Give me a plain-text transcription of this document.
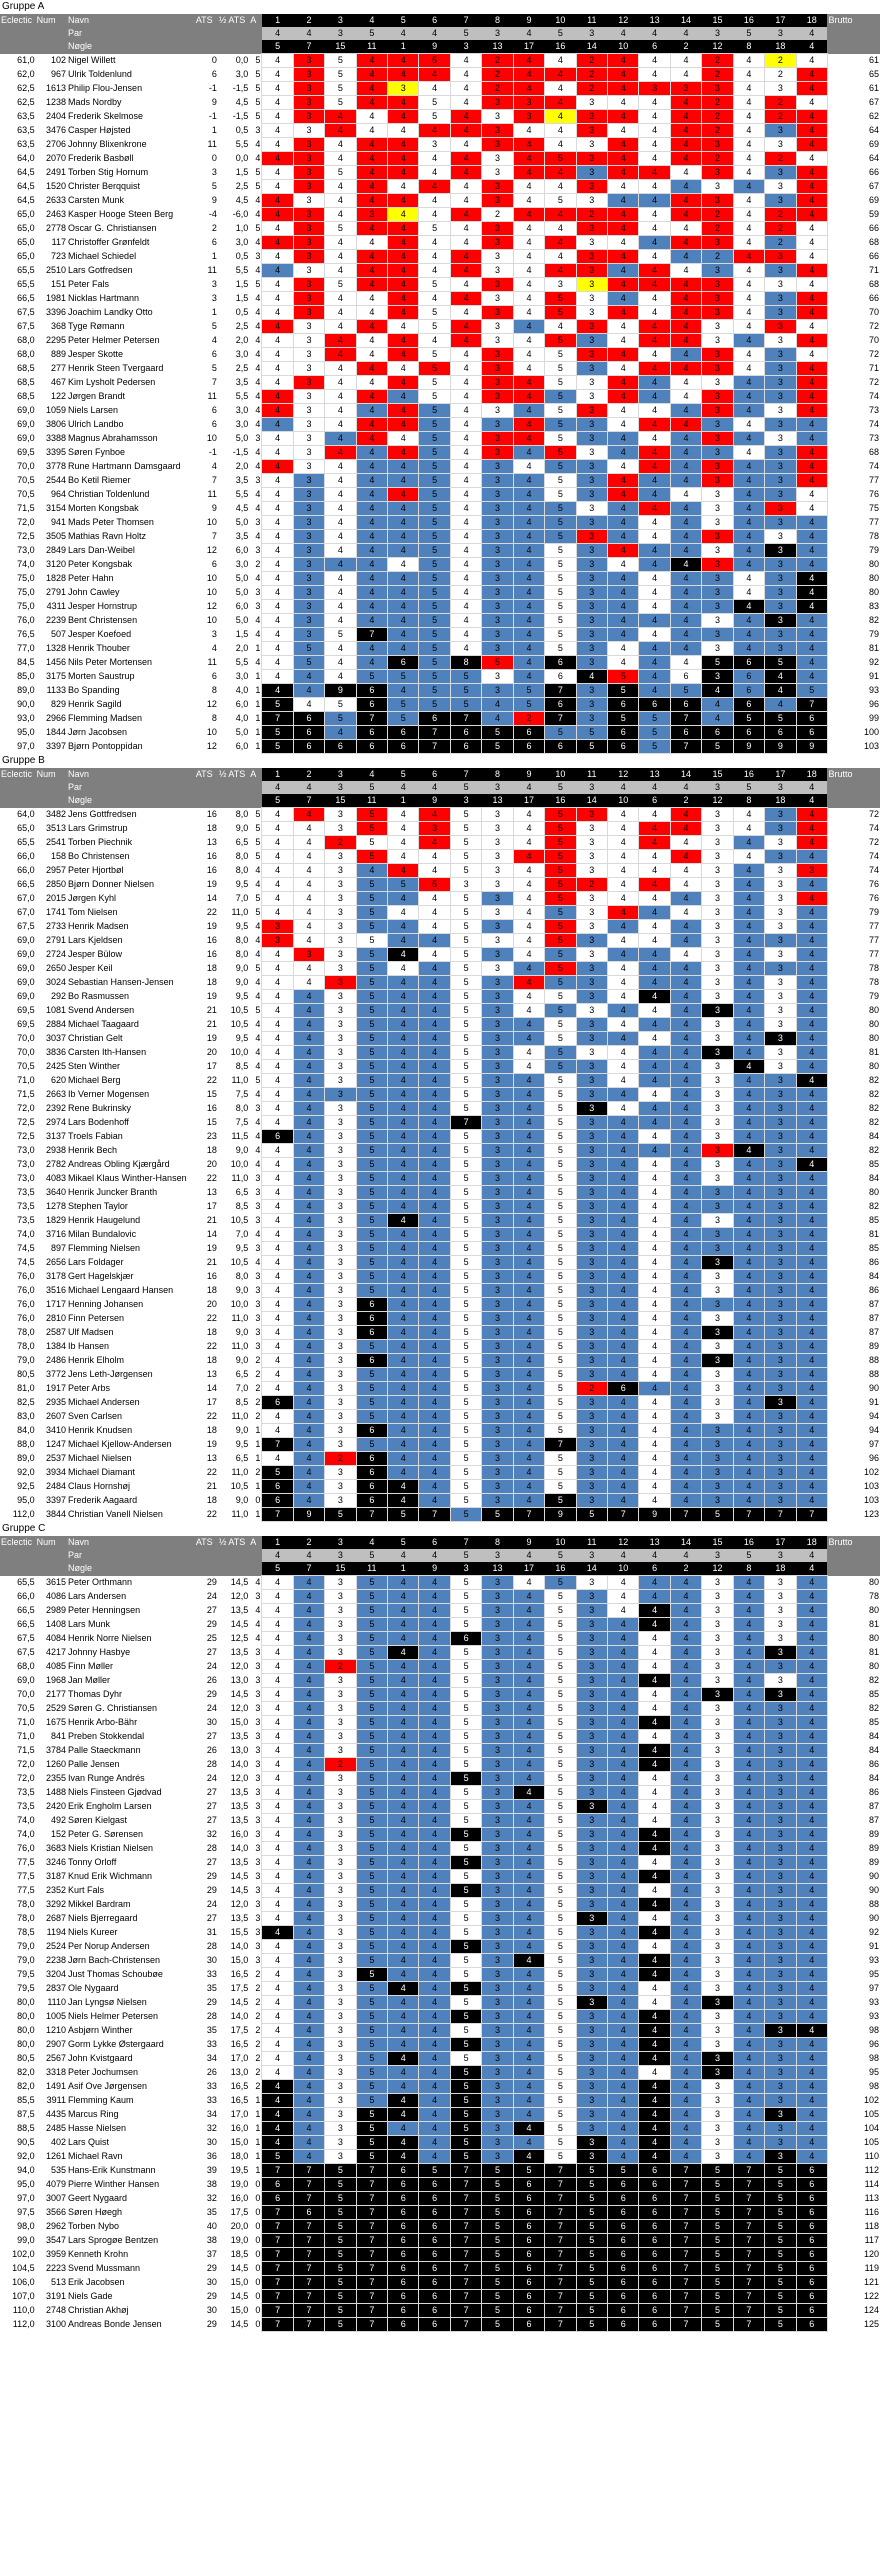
Gruppe A
Eclectic	Num	Navn	ATS	½ ATS	A	1	2	3	4	5	6	7	8	9	10	11	12	13	14	15	16	17	18	Brutto
		Par				4	4	3	5	4	4	5	3	4	5	3	4	4	4	3	5	3	4	
		Nøgle				5	7	15	11	1	9	3	13	17	16	14	10	6	2	12	8	18	4	
61,0	102	Nigel Willett	0	0,0	5	4	3	5	4	4	5	4	2	4	4	2	4	4	4	2	4	2	4	61
62,0	967	Ulrik Toldenlund	6	3,0	5	4	3	5	4	4	4	4	2	4	4	2	4	4	4	2	4	2	4	65
62,5	1613	Philip Flou-Jensen	-1	-1,5	5	4	3	5	4	3	4	4	2	4	4	2	4	3	3	3	4	3	4	61
62,5	1238	Mads Nordby	9	4,5	5	4	3	5	4	4	5	4	3	3	4	3	4	4	4	2	4	2	4	67
63,5	2404	Frederik Skelmose	-1	-1,5	5	4	3	4	4	4	5	4	3	3	4	3	4	4	4	2	4	2	4	62
63,5	3476	Casper Højsted	1	0,5	3	4	3	4	4	4	4	4	3	4	4	3	4	4	4	2	4	3	4	64
63,5	2706	Johnny Blixenkrone	11	5,5	4	4	3	4	4	4	3	4	3	4	4	3	4	4	4	3	4	3	4	69
64,0	2070	Frederik Basbøll	0	0,0	4	4	3	4	4	4	4	4	3	4	5	3	4	4	4	2	4	2	4	64
64,5	2491	Torben Stig Hornum	3	1,5	5	4	3	5	4	4	4	4	3	4	4	3	4	4	4	3	4	3	4	66
64,5	1520	Christer Berqquist	5	2,5	5	4	3	4	4	4	4	4	3	4	4	3	4	4	4	3	4	3	4	67
64,5	2633	Carsten Munk	9	4,5	4	4	3	4	4	4	4	4	3	4	5	3	4	4	4	3	4	3	4	69
65,0	2463	Kasper Hooge Steen Berg	-4	-6,0	4	4	3	4	3	4	4	4	2	4	4	2	4	4	4	2	4	2	4	59
65,0	2778	Oscar G. Christiansen	2	1,0	5	4	3	5	4	4	5	4	3	4	4	3	4	4	4	2	4	2	4	66
65,0	117	Christoffer Grønfeldt	6	3,0	4	4	3	4	4	4	4	4	3	4	4	3	4	4	4	3	4	2	4	68
65,0	723	Michael Schiedel	1	0,5	3	4	3	4	4	4	4	4	3	4	4	3	4	4	4	2	4	3	4	66
65,5	2510	Lars Gotfredsen	11	5,5	4	4	3	4	4	4	4	4	3	4	4	3	4	4	4	3	4	3	4	71
65,5	151	Peter Fals	3	1,5	5	4	3	5	4	4	5	4	3	4	3	3	4	4	4	3	4	3	4	68
66,5	1981	Nicklas Hartmann	3	1,5	4	4	3	4	4	4	4	4	3	4	5	3	4	4	4	3	4	3	4	66
67,5	3396	Joachim Landky Otto	1	0,5	4	4	3	4	4	4	5	4	3	4	5	3	4	4	4	3	4	3	4	70
67,5	368	Tyge Rømann	5	2,5	4	4	3	4	4	4	5	4	3	4	4	3	4	4	4	3	4	3	4	72
68,0	2295	Peter Helmer Petersen	4	2,0	4	4	3	4	4	4	4	4	3	4	5	3	4	4	4	3	4	3	4	70
68,0	889	Jesper Skotte	6	3,0	4	4	3	4	4	4	5	4	3	4	5	3	4	4	4	3	4	3	4	72
68,5	277	Henrik Steen Tvergaard	5	2,5	4	4	3	4	4	4	5	4	3	4	5	3	4	4	4	3	4	3	4	71
68,5	467	Kim Lysholt Pedersen	7	3,5	4	4	3	4	4	4	5	4	3	4	5	3	4	4	4	3	4	3	4	72
68,5	122	Jørgen Brandt	11	5,5	4	4	3	4	4	4	5	4	3	4	5	3	4	4	4	3	4	3	4	74
69,0	1059	Niels Larsen	6	3,0	4	4	3	4	4	4	5	4	3	4	5	3	4	4	4	3	4	3	4	73
69,0	3806	Ulrich Landbo	6	3,0	4	4	3	4	4	4	5	4	3	4	5	3	4	4	4	3	4	3	4	74
69,0	3388	Magnus Abrahamsson	10	5,0	3	4	3	4	4	4	5	4	3	4	5	3	4	4	4	3	4	3	4	73
69,5	3395	Søren Fynboe	-1	-1,5	4	4	3	4	4	4	5	4	3	4	5	3	4	4	4	3	4	3	4	68
70,0	3778	Rune Hartmann Damsgaard	4	2,0	4	4	3	4	4	4	5	4	3	4	5	3	4	4	4	3	4	3	4	74
70,5	2544	Bo Ketil Riemer	7	3,5	3	4	3	4	4	4	5	4	3	4	5	3	4	4	4	3	4	3	4	77
70,5	964	Christian Toldenlund	11	5,5	4	4	3	4	4	4	5	4	3	4	5	3	4	4	4	3	4	3	4	76
71,5	3154	Morten Kongsbak	9	4,5	4	4	3	4	4	4	5	4	3	4	5	3	4	4	4	3	4	3	4	75
72,0	941	Mads Peter Thomsen	10	5,0	3	4	3	4	4	4	5	4	3	4	5	3	4	4	4	3	4	3	4	77
72,5	3505	Mathias Ravn Holtz	7	3,5	4	4	3	4	4	4	5	4	3	4	5	3	4	4	4	3	4	3	4	78
73,0	2849	Lars Dan-Weibel	12	6,0	3	4	3	4	4	4	5	4	3	4	5	3	4	4	4	3	4	3	4	79
74,0	3120	Peter Kongsbak	6	3,0	2	4	3	4	4	4	5	4	3	4	5	3	4	4	4	3	4	3	4	80
75,0	1828	Peter Hahn	10	5,0	4	4	3	4	4	4	5	4	3	4	5	3	4	4	4	3	4	3	4	80
75,0	2791	John Cawley	10	5,0	3	4	3	4	4	4	5	4	3	4	5	3	4	4	4	3	4	3	4	80
75,0	4311	Jesper Hornstrup	12	6,0	3	4	3	4	4	4	5	4	3	4	5	3	4	4	4	3	4	3	4	83
76,0	2239	Bent Christensen	10	5,0	4	4	3	4	4	4	5	4	3	4	5	3	4	4	4	3	4	3	4	82
76,5	507	Jesper Koefoed	3	1,5	4	4	3	5	7	4	5	4	3	4	5	3	4	4	4	3	4	3	4	79
77,0	1328	Henrik Thouber	4	2,0	1	4	5	4	4	4	5	4	3	4	5	3	4	4	4	3	4	3	4	81
84,5	1456	Nils Peter Mortensen	11	5,5	4	4	5	4	4	6	5	8	5	4	6	3	4	4	4	5	6	5	4	92
85,0	3175	Morten Saustrup	6	3,0	1	4	4	4	5	5	5	5	3	4	6	4	5	4	6	3	6	4	4	91
89,0	1133	Bo Spanding	8	4,0	1	4	4	9	6	4	5	5	3	5	7	3	5	4	5	4	6	4	5	93
90,0	829	Henrik Sagild	12	6,0	1	5	4	5	6	5	5	5	4	5	6	3	6	6	6	4	6	4	7	96
93,0	2966	Flemming Madsen	8	4,0	1	7	6	5	7	5	6	7	4	2	7	3	5	5	7	4	5	5	6	99
95,0	1844	Jørn Jacobsen	10	5,0	1	5	6	4	6	6	7	6	5	6	5	5	6	5	6	6	6	6	6	100
97,0	3397	Bjørn Pontoppidan	12	6,0	1	5	6	6	6	6	7	6	5	6	6	5	6	5	7	5	9	9	9	103
Gruppe B
Eclectic	Num	Navn	ATS	½ ATS	A	1	2	3	4	5	6	7	8	9	10	11	12	13	14	15	16	17	18	Brutto
		Par				4	4	3	5	4	4	5	3	4	5	3	4	4	4	3	5	3	4	
		Nøgle				5	7	15	11	1	9	3	13	17	16	14	10	6	2	12	8	18	4	
64,0	3482	Jens Gottfredsen	16	8,0	5	4	4	3	5	4	4	5	3	4	5	3	4	4	4	3	4	3	4	72
65,0	3513	Lars Grimstrup	18	9,0	5	4	4	3	5	4	3	5	3	4	5	3	4	4	4	3	4	3	4	74
65,5	2541	Torben Piechnik	13	6,5	5	4	4	2	5	4	4	5	3	4	5	3	4	4	4	3	4	3	4	72
66,0	158	Bo Christensen	16	8,0	5	4	4	3	5	4	4	5	3	4	5	3	4	4	4	3	4	3	4	74
66,0	2957	Peter Hjortbøl	16	8,0	4	4	4	3	4	4	4	5	3	4	5	3	4	4	4	3	4	3	3	74
66,5	2850	Bjørn Donner Nielsen	19	9,5	4	4	4	3	5	5	5	3	3	4	5	2	4	4	4	3	4	3	4	76
67,0	2015	Jørgen Kyhl	14	7,0	5	4	4	3	5	4	4	5	3	4	5	3	4	4	4	3	4	3	4	76
67,0	1741	Tom Nielsen	22	11,0	5	4	4	3	5	4	4	5	3	4	5	3	4	4	4	3	4	3	4	79
67,5	2733	Henrik Madsen	19	9,5	4	3	4	3	5	4	4	5	3	4	5	3	4	4	4	3	4	3	4	77
69,0	2791	Lars Kjeldsen	16	8,0	4	3	4	3	5	4	4	5	3	4	5	3	4	4	4	3	4	3	4	77
69,0	2724	Jesper Bülow	16	8,0	4	4	3	3	5	4	4	5	3	4	5	3	4	4	4	3	4	3	4	77
69,0	2650	Jesper Keil	18	9,0	5	4	4	3	5	4	4	5	3	4	5	3	4	4	4	3	4	3	4	78
69,0	3024	Sebastian Hansen-Jensen	18	9,0	4	4	4	3	5	4	4	5	3	4	5	3	4	4	4	3	4	3	4	78
69,0	292	Bo Rasmussen	19	9,5	4	4	4	3	5	4	4	5	3	4	5	3	4	4	4	3	4	3	4	79
69,5	1081	Svend Andersen	21	10,5	5	4	4	3	5	4	4	5	3	4	5	3	4	4	4	3	4	3	4	80
69,5	2884	Michael Taagaard	21	10,5	4	4	4	3	5	4	4	5	3	4	5	3	4	4	4	3	4	3	4	80
70,0	3037	Christian Gelt	19	9,5	4	4	4	3	5	4	4	5	3	4	5	3	4	4	4	3	4	3	4	80
70,0	3836	Carsten Ith-Hansen	20	10,0	4	4	4	3	5	4	4	5	3	4	5	3	4	4	4	3	4	3	4	81
70,5	2425	Sten Winther	17	8,5	4	4	4	3	5	4	4	5	3	4	5	3	4	4	4	3	4	3	4	80
71,0	620	Michael Berg	22	11,0	5	4	4	3	5	4	4	5	3	4	5	3	4	4	4	3	4	3	4	82
71,5	2663	Ib Verner Mogensen	15	7,5	4	4	4	3	5	4	4	5	3	4	5	3	4	4	4	3	4	3	4	82
72,0	2392	Rene Bukrinsky	16	8,0	3	4	4	3	5	4	4	5	3	4	5	3	4	4	4	3	4	3	4	82
72,5	2974	Lars Bodenhoff	15	7,5	4	4	4	3	5	4	4	7	3	4	5	3	4	4	4	3	4	3	4	82
72,5	3137	Troels Fabian	23	11,5	4	6	4	3	5	4	4	5	3	4	5	3	4	4	4	3	4	3	4	84
73,0	2938	Henrik Bech	18	9,0	4	4	4	3	5	4	4	5	3	4	5	3	4	4	4	3	4	3	4	82
73,0	2782	Andreas Obling Kjærgård	20	10,0	4	4	4	3	5	4	4	5	3	4	5	3	4	4	4	3	4	3	4	85
73,0	4083	Mikael Klaus Winther-Hansen	22	11,0	3	4	4	3	5	4	4	5	3	4	5	3	4	4	4	3	4	3	4	84
73,5	3640	Henrik Juncker Branth	13	6,5	3	4	4	3	5	4	4	5	3	4	5	3	4	4	4	3	4	3	4	80
73,5	1278	Stephen Taylor	17	8,5	3	4	4	3	5	4	4	5	3	4	5	3	4	4	4	3	4	3	4	82
73,5	1829	Henrik Haugelund	21	10,5	3	4	4	3	5	4	4	5	3	4	5	3	4	4	4	3	4	3	4	85
74,0	3716	Milan Bundalovic	14	7,0	4	4	4	3	5	4	4	5	3	4	5	3	4	4	4	3	4	3	4	81
74,5	897	Flemming Nielsen	19	9,5	3	4	4	3	5	4	4	5	3	4	5	3	4	4	4	3	4	3	4	85
74,5	2656	Lars Foldager	21	10,5	4	4	4	3	5	4	4	5	3	4	5	3	4	4	4	3	4	3	4	86
76,0	3178	Gert Hagelskjær	16	8,0	3	4	4	3	5	4	4	5	3	4	5	3	4	4	4	3	4	3	4	84
76,0	3516	Michael Lengaard Hansen	18	9,0	3	4	4	3	5	4	4	5	3	4	5	3	4	4	4	3	4	3	4	86
76,0	1717	Henning Johansen	20	10,0	3	4	4	3	6	4	4	5	3	4	5	3	4	4	4	3	4	3	4	87
76,0	2810	Finn Petersen	22	11,0	3	4	4	3	6	4	4	5	3	4	5	3	4	4	4	3	4	3	4	87
78,0	2587	Ulf Madsen	18	9,0	3	4	4	3	6	4	4	5	3	4	5	3	4	4	4	3	4	3	4	87
78,0	1384	Ib Hansen	22	11,0	3	4	4	3	5	4	4	5	3	4	5	3	4	4	4	3	4	3	4	89
79,0	2486	Henrik Elholm	18	9,0	2	4	4	3	6	4	4	5	3	4	5	3	4	4	4	3	4	3	4	88
80,5	3772	Jens Leth-Jørgensen	13	6,5	2	4	4	3	5	4	4	5	3	4	5	3	4	4	4	3	4	3	4	88
81,0	1917	Peter Arbs	14	7,0	2	4	4	3	5	4	4	5	3	4	5	2	6	4	4	3	4	3	4	90
82,5	2935	Michael Andersen	17	8,5	2	6	4	3	5	4	4	5	3	4	5	3	4	4	4	3	4	3	4	91
83,0	2607	Sven Carlsen	22	11,0	2	4	4	3	5	4	4	5	3	4	5	3	4	4	4	3	4	3	4	94
84,0	3410	Henrik Knudsen	18	9,0	1	4	4	3	6	4	4	5	3	4	5	3	4	4	4	3	4	3	4	94
88,0	1247	Michael Kjellow-Andersen	19	9,5	1	7	4	3	5	4	4	5	3	4	7	3	4	4	4	3	4	3	4	97
89,0	2537	Michael Nielsen	13	6,5	1	4	4	2	6	4	4	5	3	4	5	3	4	4	4	3	4	3	4	96
92,0	3934	Michael Diamant	22	11,0	2	5	4	3	6	4	4	5	3	4	5	3	4	4	4	3	4	3	4	102
92,5	2484	Claus Hornshøj	21	10,5	1	6	4	3	6	4	4	5	3	4	5	3	4	4	4	3	4	3	4	103
95,0	3397	Frederik Aagaard	18	9,0	0	6	4	3	6	4	4	5	3	4	5	3	4	4	4	3	4	3	4	103
112,0	3844	Christian Vanell Nielsen	22	11,0	1	7	9	5	7	5	7	5	5	7	9	5	7	9	7	5	7	7	7	123
Gruppe C
Eclectic	Num	Navn	ATS	½ ATS	A	1	2	3	4	5	6	7	8	9	10	11	12	13	14	15	16	17	18	Brutto
		Par				4	4	3	5	4	4	5	3	4	5	3	4	4	4	3	5	3	4	
		Nøgle				5	7	15	11	1	9	3	13	17	16	14	10	6	2	12	8	18	4	
65,5	3615	Peter Orthmann	29	14,5	4	4	4	3	5	4	4	5	3	4	5	3	4	4	4	3	4	3	4	80
66,0	4086	Lars Andersen	24	12,0	3	4	4	3	5	4	4	5	3	4	5	3	4	4	4	3	4	3	4	78
66,5	2989	Peter Henningsen	27	13,5	4	4	4	3	5	4	4	5	3	4	5	3	4	4	4	3	4	3	4	80
66,5	1408	Lars Munk	29	14,5	4	4	4	3	5	4	4	5	3	4	5	3	4	4	4	3	4	3	4	81
67,5	4084	Henrik Norre Nielsen	25	12,5	4	4	4	3	5	4	4	6	3	4	5	3	4	4	4	3	4	3	4	80
67,5	4217	Johnny Hasbye	27	13,5	3	4	4	3	5	4	4	5	3	4	5	3	4	4	4	3	4	3	4	81
68,0	4085	Finn Møller	24	12,0	3	4	4	2	5	4	4	5	3	4	5	3	4	4	4	3	4	3	4	80
69,0	1968	Jan Møller	26	13,0	3	4	4	3	5	4	4	5	3	4	5	3	4	4	4	3	4	3	4	82
70,0	2177	Thomas Dyhr	29	14,5	3	4	4	3	5	4	4	5	3	4	5	3	4	4	4	3	4	3	4	85
70,5	2529	Søren G. Christiansen	24	12,0	3	4	4	3	5	4	4	5	3	4	5	3	4	4	4	3	4	3	4	82
71,0	1675	Henrik Arbo-Bähr	30	15,0	3	4	4	3	5	4	4	5	3	4	5	3	4	4	4	3	4	3	4	85
71,0	841	Preben Stokkendal	27	13,5	3	4	4	3	5	4	4	5	3	4	5	3	4	4	4	3	4	3	4	84
71,5	3784	Palle Staeckmann	26	13,0	3	4	4	3	5	4	4	5	3	4	5	3	4	4	4	3	4	3	4	84
72,0	1260	Palle Jensen	28	14,0	3	4	4	2	5	4	4	5	3	4	5	3	4	4	4	3	4	3	4	86
72,0	2355	Ivan Runge Andrés	24	12,0	3	4	4	3	5	4	4	5	3	4	5	3	4	4	4	3	4	3	4	84
73,5	1488	Niels Finsteen Gjødvad	27	13,5	3	4	4	3	5	4	4	5	3	4	5	3	4	4	4	3	4	3	4	86
73,5	2420	Erik Engholm Larsen	27	13,5	3	4	4	3	5	4	4	5	3	4	5	3	4	4	4	3	4	3	4	87
74,0	492	Søren Kielgast	27	13,5	3	4	4	3	5	4	4	5	3	4	5	3	4	4	4	3	4	3	4	87
74,0	152	Peter G. Sørensen	32	16,0	3	4	4	3	5	4	4	5	3	4	5	3	4	4	4	3	4	3	4	89
76,0	3683	Niels Kristian Nielsen	28	14,0	3	4	4	3	5	4	4	5	3	4	5	3	4	4	4	3	4	3	4	89
77,5	3246	Tonny Orloff	27	13,5	3	4	4	3	5	4	4	5	3	4	5	3	4	4	4	3	4	3	4	89
77,5	3187	Knud Erik Wichmann	29	14,5	3	4	4	3	5	4	4	5	3	4	5	3	4	4	4	3	4	3	4	90
77,5	2352	Kurt Fals	29	14,5	3	4	4	3	5	4	4	5	3	4	5	3	4	4	4	3	4	3	4	90
78,0	3292	Mikkel Bardram	24	12,0	3	4	4	3	5	4	4	5	3	4	5	3	4	4	4	3	4	3	4	88
78,0	2687	Niels Bjerregaard	27	13,5	3	4	4	3	5	4	4	5	3	4	5	3	4	4	4	3	4	3	4	90
78,5	1194	Niels Kureer	31	15,5	3	4	4	3	5	4	4	5	3	4	5	3	4	4	4	3	4	3	4	92
79,0	2524	Per Norup Andersen	28	14,0	3	4	4	3	5	4	4	5	3	4	5	3	4	4	4	3	4	3	4	91
79,0	2238	Jørn Bach-Christensen	30	15,0	3	4	4	3	5	4	4	5	3	4	5	3	4	4	4	3	4	3	4	93
79,5	3204	Just Thomas Schoubøe	33	16,5	2	4	4	3	5	4	4	5	3	4	5	3	4	4	4	3	4	3	4	95
79,5	2837	Ole Nygaard	35	17,5	2	4	4	3	5	4	4	5	3	4	5	3	4	4	4	3	4	3	4	97
80,0	1110	Jan Lyngsø Nielsen	29	14,5	2	4	4	3	5	4	4	5	3	4	5	3	4	4	4	3	4	3	4	93
80,0	1005	Niels Helmer Petersen	28	14,0	2	4	4	3	5	4	4	5	3	4	5	3	4	4	4	3	4	3	4	93
80,0	1210	Asbjørn Winther	35	17,5	2	4	4	3	5	4	4	5	3	4	5	3	4	4	4	3	4	3	4	98
80,0	2907	Gorm Lykke Østergaard	33	16,5	2	4	4	3	5	4	4	5	3	4	5	3	4	4	4	3	4	3	4	96
80,5	2567	John Kvistgaard	34	17,0	2	4	4	3	5	4	4	5	3	4	5	3	4	4	4	3	4	3	4	98
82,0	3318	Peter Jochumsen	26	13,0	2	4	4	3	5	4	4	5	3	4	5	3	4	4	4	3	4	3	4	95
82,0	1491	Asif Ove Jørgensen	33	16,5	2	4	4	3	5	4	4	5	3	4	5	3	4	4	4	3	4	3	4	98
85,5	3911	Flemming Kaum	33	16,5	1	4	4	3	5	4	4	5	3	4	5	3	4	4	4	3	4	3	4	102
87,5	4435	Marcus Ring	34	17,0	1	4	4	3	5	4	4	5	3	4	5	3	4	4	4	3	4	3	4	105
88,5	2485	Hasse Nielsen	32	16,0	1	4	4	3	5	4	4	5	3	4	5	3	4	4	4	3	4	3	4	104
90,5	402	Lars Quist	30	15,0	1	4	4	3	5	4	4	5	3	4	5	3	4	4	4	3	4	3	4	105
92,0	1261	Michael Ravn	36	18,0	1	5	4	3	5	4	4	5	3	4	5	3	4	4	4	3	4	3	4	110
94,0	535	Hans-Erik Kunstmann	39	19,5	1	7	7	5	7	6	5	7	5	5	7	5	5	6	7	5	7	5	6	112
95,0	4079	Pierre Winther Hansen	38	19,0	0	6	7	5	7	6	6	7	5	6	7	5	6	6	7	5	7	5	6	114
97,0	3007	Geert Nygaard	32	16,0	0	6	7	5	7	6	6	7	5	6	7	5	6	6	7	5	7	5	6	113
97,5	3566	Søren Høegh	35	17,5	0	7	6	5	7	6	6	7	5	6	7	5	6	6	7	5	7	5	6	116
98,0	2962	Torben Nybo	40	20,0	0	7	7	5	7	6	6	7	5	6	7	5	6	6	7	5	7	5	6	118
99,0	3547	Lars Sprogøe Bentzen	38	19,0	0	7	7	5	7	6	6	7	5	6	7	5	6	6	7	5	7	5	6	117
102,0	3959	Kenneth Krohn	37	18,5	0	7	7	5	7	6	6	7	5	6	7	5	6	6	7	5	7	5	6	120
104,5	2223	Svend Mussmann	29	14,5	0	7	7	5	7	6	6	7	5	6	7	5	6	6	7	5	7	5	6	119
106,0	513	Erik Jacobsen	30	15,0	0	7	7	5	7	6	6	7	5	6	7	5	6	6	7	5	7	5	6	121
107,0	3191	Niels Gade	29	14,5	0	7	7	5	7	6	6	7	5	6	7	5	6	6	7	5	7	5	6	122
110,0	2748	Christian Akhøj	30	15,0	0	7	7	5	7	6	6	7	5	6	7	5	6	6	7	5	7	5	6	124
112,0	3100	Andreas Bonde Jensen	29	14,5	0	7	7	5	7	6	6	7	5	6	7	5	6	6	7	5	7	5	6	125
